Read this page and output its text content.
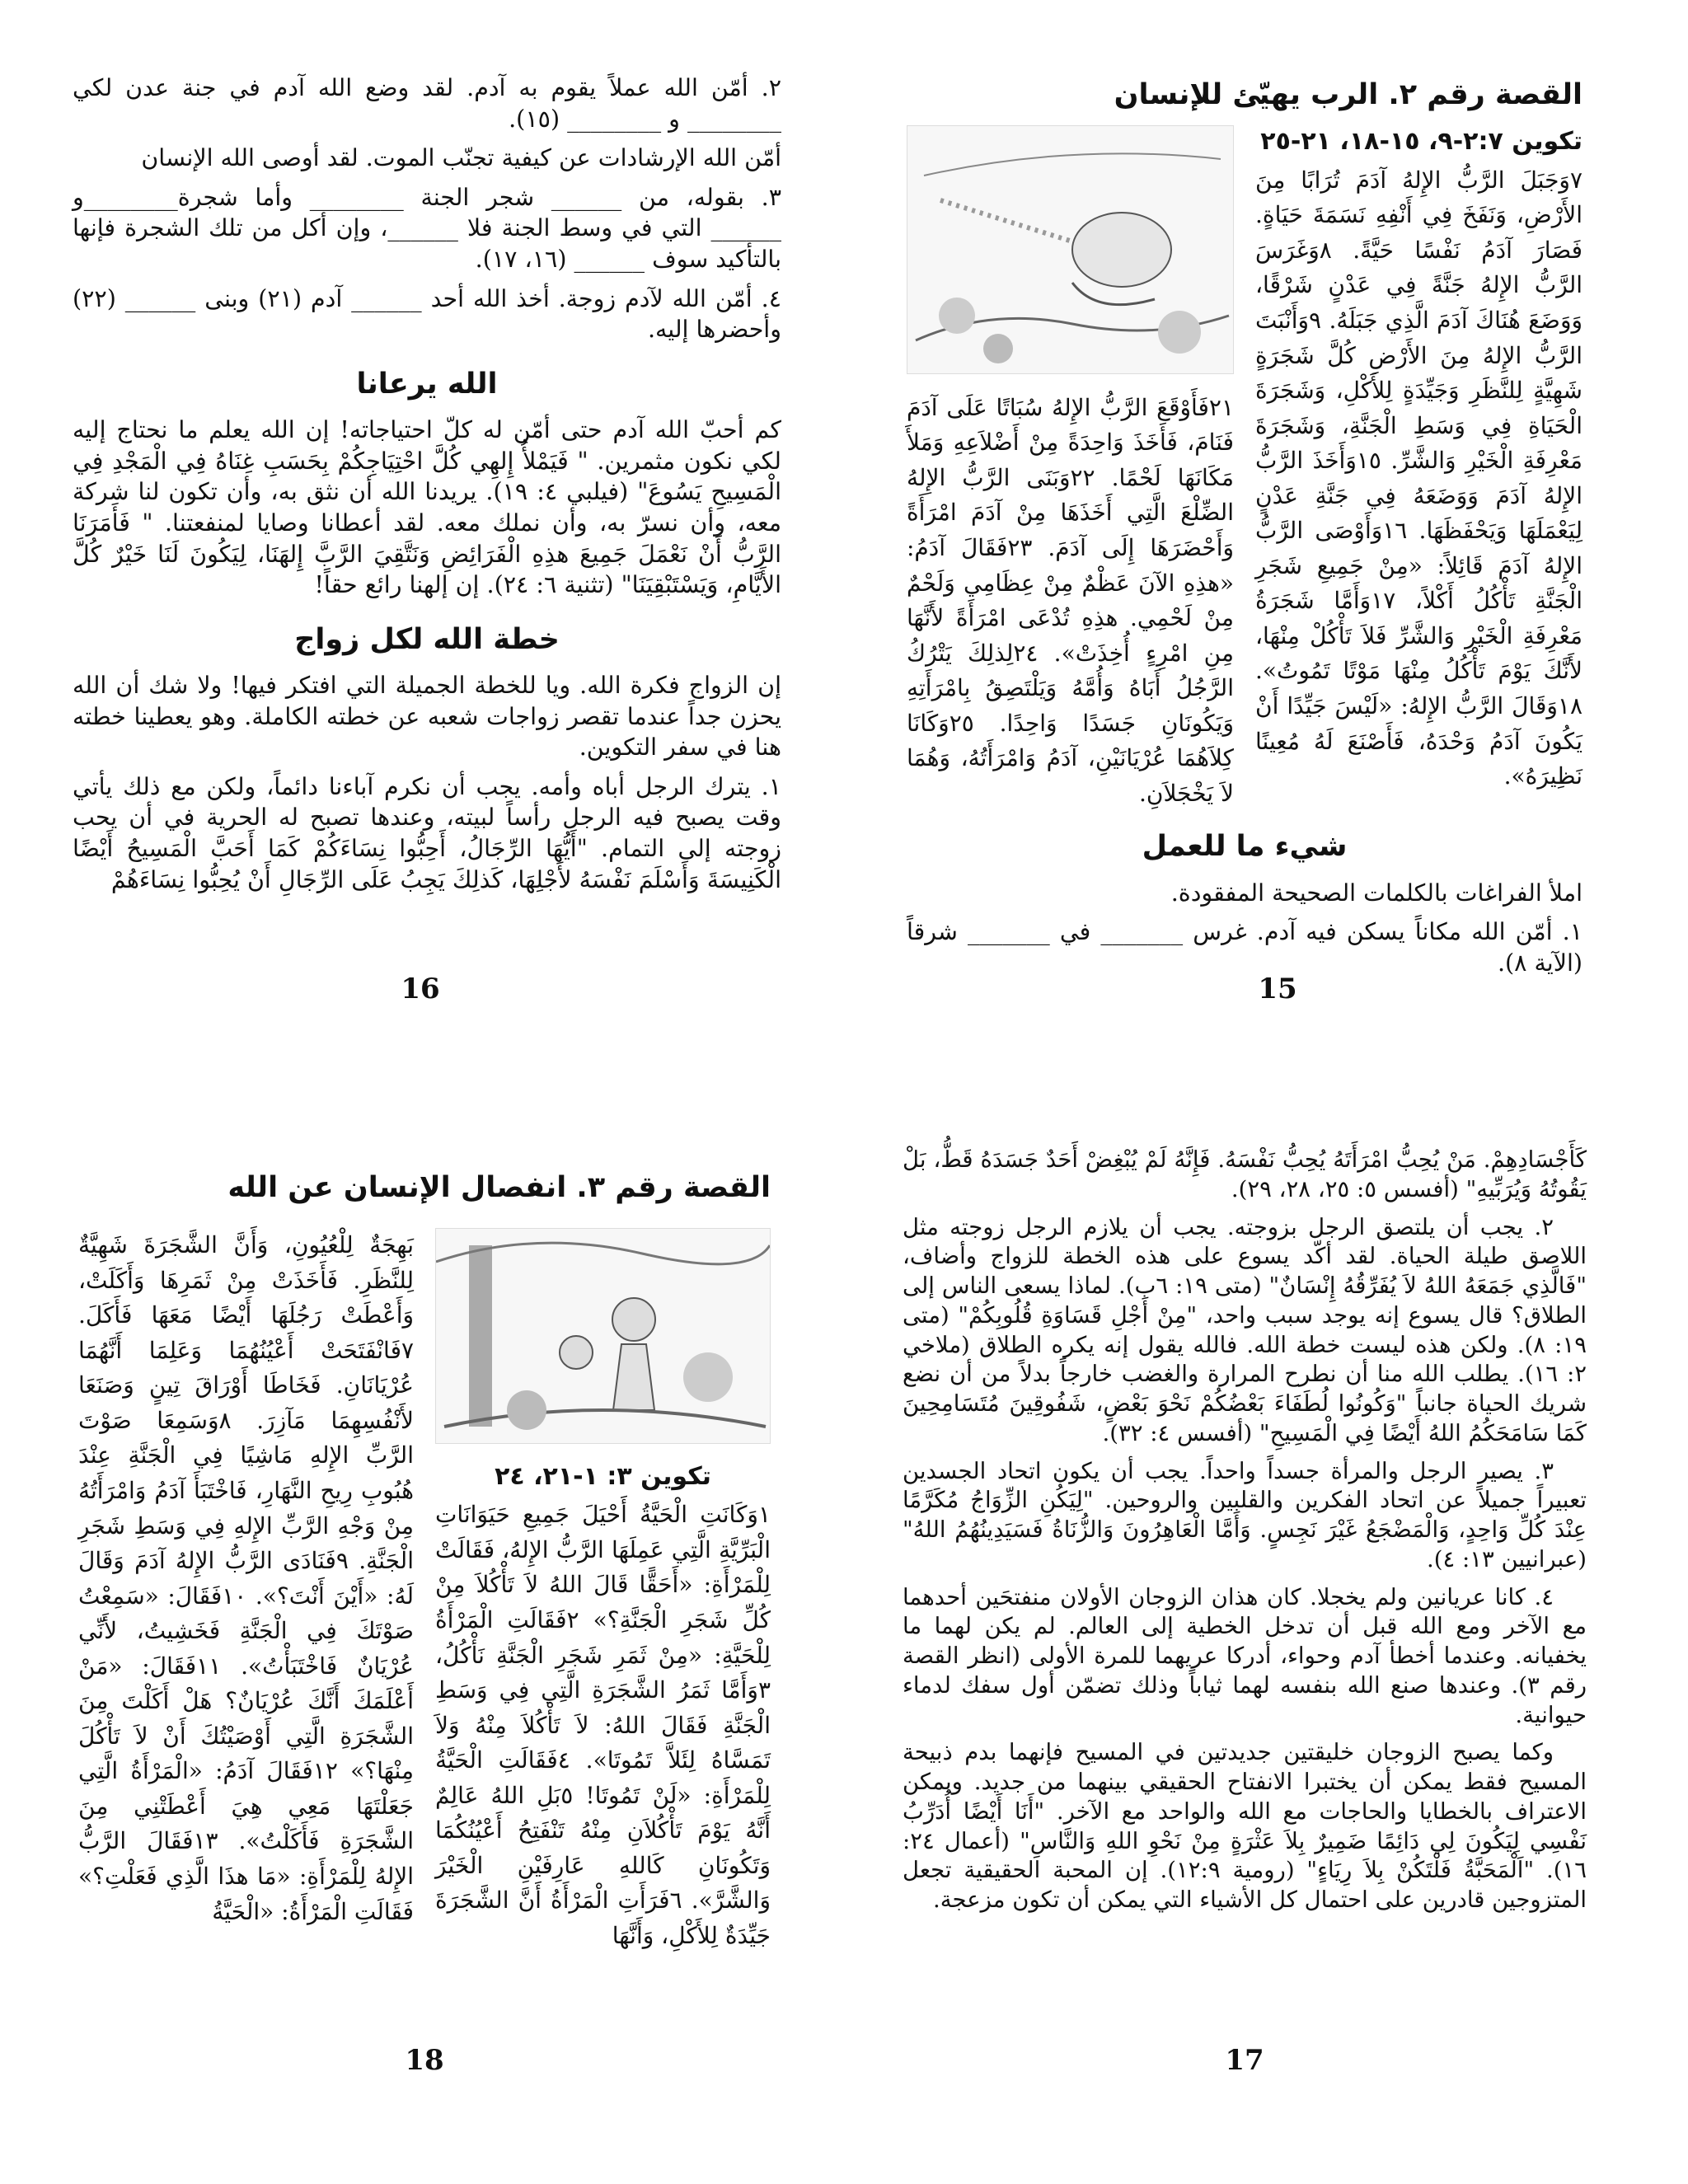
القصة رقم ٢. الرب يهيّئ للإنسان
تكوين ٢:٧-٩، ١٥-١٨، ٢١-٢٥

٧وَجَبَلَ الرَّبُّ الإِلهُ آدَمَ تُرَابًا مِنَ الأَرْضِ، وَنَفَخَ فِي أَنْفِهِ نَسَمَةَ حَيَاةٍ. فَصَارَ آدَمُ نَفْسًا حَيَّةً. ٨وَغَرَسَ الرَّبُّ الإِلهُ جَنَّةً فِي عَدْنٍ شَرْقًا، وَوَضَعَ هُنَاكَ آدَمَ الَّذِي جَبَلَهُ. ٩وَأَنْبَتَ الرَّبُّ الإِلهُ مِنَ الأَرْضِ كُلَّ شَجَرَةٍ شَهِيَّةٍ لِلنَّظَرِ وَجَيِّدَةٍ لِلأَكْلِ، وَشَجَرَةَ الْحَيَاةِ فِي وَسَطِ الْجَنَّةِ، وَشَجَرَةَ مَعْرِفَةِ الْخَيْرِ وَالشَّرِّ. ١٥وَأَخَذَ الرَّبُّ الإِلهُ آدَمَ وَوَضَعَهُ فِي جَنَّةِ عَدْنٍ لِيَعْمَلَهَا وَيَحْفَظَهَا. ١٦وَأَوْصَى الرَّبُّ الإِلهُ آدَمَ قَائِلاً: «مِنْ جَمِيعِ شَجَرِ الْجَنَّةِ تَأْكُلُ أَكْلاً، ١٧وَأَمَّا شَجَرَةُ مَعْرِفَةِ الْخَيْرِ وَالشَّرِّ فَلاَ تَأْكُلْ مِنْهَا، لأَنَّكَ يَوْمَ تَأْكُلُ مِنْهَا مَوْتًا تَمُوتُ». ١٨وَقَالَ الرَّبُّ الإِلهُ: «لَيْسَ جَيِّدًا أَنْ يَكُونَ آدَمُ وَحْدَهُ، فَأَصْنَعَ لَهُ مُعِينًا نَظِيرَهُ».

٢١فَأَوْقَعَ الرَّبُّ الإِلهُ سُبَاتًا عَلَى آدَمَ فَنَامَ، فَأَخَذَ وَاحِدَةً مِنْ أَضْلاَعِهِ وَمَلأَ مَكَانَهَا لَحْمًا. ٢٢وَبَنَى الرَّبُّ الإِلهُ الضِّلْعَ الَّتِي أَخَذَهَا مِنْ آدَمَ امْرَأَةً وَأَحْضَرَهَا إِلَى آدَمَ. ٢٣فَقَالَ آدَمُ: «هذِهِ الآنَ عَظْمٌ مِنْ عِظَامِي وَلَحْمٌ مِنْ لَحْمِي. هذِهِ تُدْعَى امْرَأَةً لأَنَّهَا مِنِ امْرِءٍ أُخِذَتْ». ٢٤لِذلِكَ يَتْرُكُ الرَّجُلُ أَبَاهُ وَأُمَّهُ وَيَلْتَصِقُ بِامْرَأَتِهِ وَيَكُونَانِ جَسَدًا وَاحِدًا. ٢٥وَكَانَا كِلاَهُمَا عُرْيَانَيْنِ، آدَمُ وَامْرَأَتُهُ، وَهُمَا لاَ يَخْجَلاَنِ.

شيء ما للعمل

املأ الفراغات بالكلمات الصحيحة المفقودة.

١. أمّن الله مكاناً يسكن فيه آدم. غرس _______ في _______ شرقاً (الآية ٨).

15

٢. أمّن الله عملاً يقوم به آدم. لقد وضع الله آدم في جنة عدن لكي ________ و ________ (١٥).

أمّن الله الإرشادات عن كيفية تجنّب الموت. لقد أوصى الله الإنسان

٣. بقوله، من ______ شجر الجنة ________ وأما شجرة________و ______ التي في وسط الجنة فلا ______، وإن أكل من تلك الشجرة فإنها بالتأكيد سوف ______ (١٦، ١٧).

٤. أمّن الله لآدم زوجة. أخذ الله أحد ______ آدم (٢١) وبنى ______ (٢٢) وأحضرها إليه.

الله يرعانا

كم أحبّ الله آدم حتى أمّن له كلّ احتياجاته! إن الله يعلم ما نحتاج إليه لكي نكون مثمرين. " فَيَمْلأُ إِلهِي كُلَّ احْتِيَاجِكُمْ بِحَسَبِ غِنَاهُ فِي الْمَجْدِ فِي الْمَسِيحِ يَسُوعَ" (فيلبي ٤: ١٩). يريدنا الله أن نثق به، وأن تكون لنا شركة معه، وأن نسرّ به، وأن نملك معه. لقد أعطانا وصايا لمنفعتنا. " فَأَمَرَنَا الرَّبُّ أَنْ نَعْمَلَ جَمِيعَ هذِهِ الْفَرَائِضِ وَنَتَّقِيَ الرَّبَّ إِلهَنَا، لِيَكُونَ لَنَا خَيْرٌ كُلَّ الأَيَّامِ، وَيَسْتَبْقِيَنَا" (تثنية ٦: ٢٤). إن إلهنا رائع حقاً!

خطة الله لكل زواج

إن الزواج فكرة الله. ويا للخطة الجميلة التي افتكر فيها! ولا شك أن الله يحزن جداً عندما تقصر زواجات شعبه عن خطته الكاملة. وهو يعطينا خطته هنا في سفر التكوين.

١. يترك الرجل أباه وأمه. يجب أن نكرم آباءنا دائماً، ولكن مع ذلك يأتي وقت يصبح فيه الرجل رأساً لبيته، وعندها تصبح له الحرية في أن يحب زوجته إلى التمام. "أَيُّهَا الرِّجَالُ، أَحِبُّوا نِسَاءَكُمْ كَمَا أَحَبَّ الْمَسِيحُ أَيْضًا الْكَنِيسَةَ وَأَسْلَمَ نَفْسَهُ لأَجْلِهَا، كَذلِكَ يَجِبُ عَلَى الرِّجَالِ أَنْ يُحِبُّوا نِسَاءَهُمْ

16

كَأَجْسَادِهِمْ. مَنْ يُحِبُّ امْرَأَتَهُ يُحِبُّ نَفْسَهُ. فَإِنَّهُ لَمْ يُبْغِضْ أَحَدٌ جَسَدَهُ قَطُّ، بَلْ يَقُوتُهُ وَيُرَبِّيهِ" (أفسس ٥: ٢٥، ٢٨، ٢٩).

٢. يجب أن يلتصق الرجل بزوجته. يجب أن يلازم الرجل زوجته مثل اللاصق طيلة الحياة. لقد أكّد يسوع على هذه الخطة للزواج وأضاف، "فَالَّذِي جَمَعَهُ اللهُ لاَ يُفَرِّقُهُ إِنْسَانٌ" (متى ١٩: ٦ب). لماذا يسعى الناس إلى الطلاق؟ قال يسوع إنه يوجد سبب واحد، "مِنْ أَجْلِ قَسَاوَةِ قُلُوبِكُمْ" (متى ١٩: ٨). ولكن هذه ليست خطة الله. فالله يقول إنه يكره الطلاق (ملاخي ٢: ١٦). يطلب الله منا أن نطرح المرارة والغضب خارجاً بدلاً من أن نضع شريك الحياة جانباً "وَكُونُوا لُطَفَاءَ بَعْضُكُمْ نَحْوَ بَعْضٍ، شَفُوقِينَ مُتَسَامِحِينَ كَمَا سَامَحَكُمُ اللهُ أَيْضًا فِي الْمَسِيحِ" (أفسس ٤: ٣٢).

٣. يصير الرجل والمرأة جسداً واحداً. يجب أن يكون اتحاد الجسدين تعبيراً جميلاً عن اتحاد الفكرين والقلبين والروحين. "لِيَكُنِ الزِّوَاجُ مُكَرَّمًا عِنْدَ كُلِّ وَاحِدٍ، وَالْمَضْجَعُ غَيْرَ نَجِسٍ. وَأَمَّا الْعَاهِرُونَ وَالزُّنَاةُ فَسَيَدِينُهُمُ اللهُ" (عبرانيين ١٣: ٤).

٤. كانا عريانين ولم يخجلا. كان هذان الزوجان الأولان منفتحَين أحدهما مع الآخر ومع الله قبل أن تدخل الخطية إلى العالم. لم يكن لهما ما يخفيانه. وعندما أخطأ آدم وحواء، أدركا عريهما للمرة الأولى (انظر القصة رقم ٣). وعندها صنع الله بنفسه لهما ثياباً وذلك تضمّن أول سفك لدماء حيوانية.

وكما يصبح الزوجان خليقتين جديدتين في المسيح فإنهما بدم ذبيحة المسيح فقط يمكن أن يختبرا الانفتاح الحقيقي بينهما من جديد. ويمكن الاعتراف بالخطايا والحاجات مع الله والواحد مع الآخر. "أَنَا أَيْضًا أُدَرِّبُ نَفْسِي لِيَكُونَ لِي دَائِمًا ضَمِيرٌ بِلاَ عَثْرَةٍ مِنْ نَحْوِ اللهِ وَالنَّاسِ" (أعمال ٢٤: ١٦). "اَلْمَحَبَّةُ فَلْتَكُنْ بِلاَ رِيَاءٍ" (رومية ١٢:٩). إن المحبة الحقيقية تجعل المتزوجين قادرين على احتمال كل الأشياء التي يمكن أن تكون مزعجة.

17
القصة رقم ٣. انفصال الإنسان عن الله
تكوين ٣: ١-٢١، ٢٤

١وَكَانَتِ الْحَيَّةُ أَحْيَلَ جَمِيعِ حَيَوَانَاتِ الْبَرِّيَّةِ الَّتِي عَمِلَهَا الرَّبُّ الإِلهُ، فَقَالَتْ لِلْمَرْأَةِ: «أَحَقًّا قَالَ اللهُ لاَ تَأْكُلاَ مِنْ كُلِّ شَجَرِ الْجَنَّةِ؟» ٢فَقَالَتِ الْمَرْأَةُ لِلْحَيَّةِ: «مِنْ ثَمَرِ شَجَرِ الْجَنَّةِ نَأْكُلُ، ٣وَأَمَّا ثَمَرُ الشَّجَرَةِ الَّتِي فِي وَسَطِ الْجَنَّةِ فَقَالَ اللهُ: لاَ تَأْكُلاَ مِنْهُ وَلاَ تَمَسَّاهُ لِئَلاَّ تَمُوتَا». ٤فَقَالَتِ الْحَيَّةُ لِلْمَرْأَةِ: «لَنْ تَمُوتَا! ٥بَلِ اللهُ عَالِمٌ أَنَّهُ يَوْمَ تَأْكُلاَنِ مِنْهُ تَنْفَتِحُ أَعْيُنُكُمَا وَتَكُونَانِ كَاللهِ عَارِفَيْنِ الْخَيْرَ وَالشَّرَّ». ٦فَرَأَتِ الْمَرْأَةُ أَنَّ الشَّجَرَةَ جَيِّدَةٌ لِلأَكْلِ، وَأَنَّهَا

بَهِجَةٌ لِلْعُيُونِ، وَأَنَّ الشَّجَرَةَ شَهِيَّةٌ لِلنَّظَرِ. فَأَخَذَتْ مِنْ ثَمَرِهَا وَأَكَلَتْ، وَأَعْطَتْ رَجُلَهَا أَيْضًا مَعَهَا فَأَكَلَ. ٧فَانْفَتَحَتْ أَعْيُنُهُمَا وَعَلِمَا أَنَّهُمَا عُرْيَانَانِ. فَخَاطَا أَوْرَاقَ تِينٍ وَصَنَعَا لأَنْفُسِهِمَا مَآزِرَ. ٨وَسَمِعَا صَوْتَ الرَّبِّ الإِلهِ مَاشِيًا فِي الْجَنَّةِ عِنْدَ هُبُوبِ رِيحِ النَّهَارِ، فَاخْتَبَأَ آدَمُ وَامْرَأَتُهُ مِنْ وَجْهِ الرَّبِّ الإِلهِ فِي وَسَطِ شَجَرِ الْجَنَّةِ. ٩فَنَادَى الرَّبُّ الإِلهُ آدَمَ وَقَالَ لَهُ: «أَيْنَ أَنْتَ؟». ١٠فَقَالَ: «سَمِعْتُ صَوْتَكَ فِي الْجَنَّةِ فَخَشِيتُ، لأَنِّي عُرْيَانٌ فَاخْتَبَأْتُ». ١١فَقَالَ: «مَنْ أَعْلَمَكَ أَنَّكَ عُرْيَانٌ؟ هَلْ أَكَلْتَ مِنَ الشَّجَرَةِ الَّتِي أَوْصَيْتُكَ أَنْ لاَ تَأْكُلَ مِنْهَا؟» ١٢فَقَالَ آدَمُ: «الْمَرْأَةُ الَّتِي جَعَلْتَهَا مَعِي هِيَ أَعْطَتْنِي مِنَ الشَّجَرَةِ فَأَكَلْتُ». ١٣فَقَالَ الرَّبُّ الإِلهُ لِلْمَرْأَةِ: «مَا هذَا الَّذِي فَعَلْتِ؟» فَقَالَتِ الْمَرْأَةُ: «الْحَيَّةُ

18
